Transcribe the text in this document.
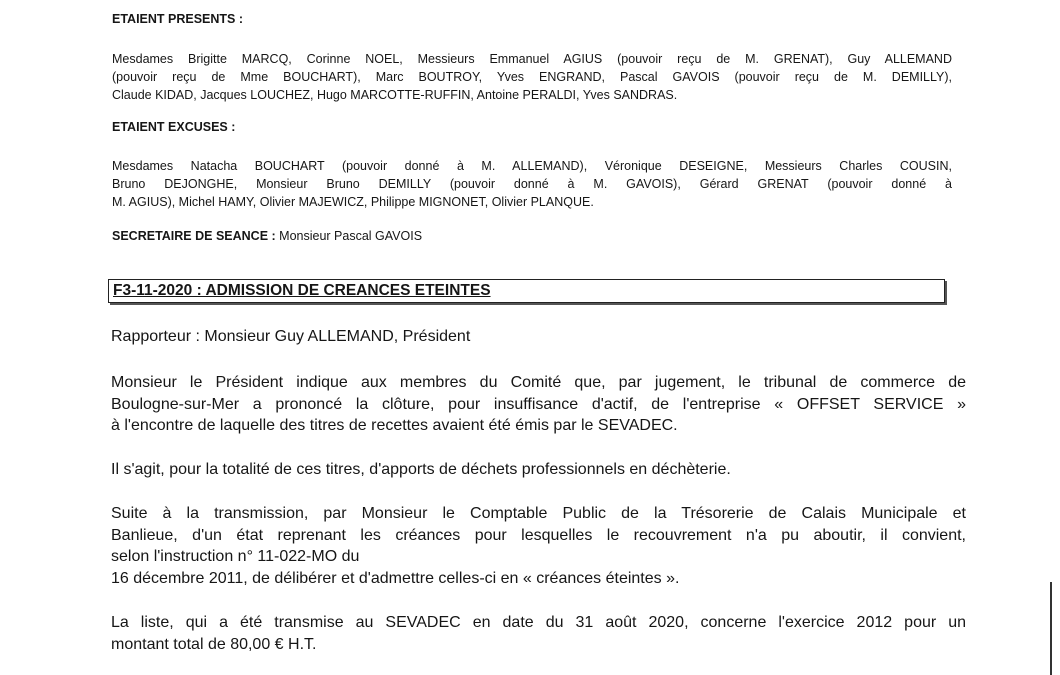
ETAIENT PRESENTS :
Mesdames Brigitte MARCQ, Corinne NOEL, Messieurs Emmanuel AGIUS (pouvoir reçu de M. GRENAT), Guy ALLEMAND
(pouvoir reçu de Mme BOUCHART), Marc BOUTROY, Yves ENGRAND, Pascal GAVOIS (pouvoir reçu de M. DEMILLY),
Claude KIDAD, Jacques LOUCHEZ, Hugo MARCOTTE-RUFFIN, Antoine PERALDI, Yves SANDRAS.
ETAIENT EXCUSES :
Mesdames Natacha BOUCHART (pouvoir donné à M. ALLEMAND), Véronique DESEIGNE, Messieurs Charles COUSIN,
Bruno DEJONGHE, Monsieur Bruno DEMILLY (pouvoir donné à M. GAVOIS), Gérard GRENAT (pouvoir donné à
M. AGIUS), Michel HAMY, Olivier MAJEWICZ, Philippe MIGNONET, Olivier PLANQUE.
SECRETAIRE DE SEANCE : Monsieur Pascal GAVOIS
F3-11-2020 : ADMISSION DE CREANCES ETEINTES
Rapporteur : Monsieur Guy ALLEMAND, Président
Monsieur le Président indique aux membres du Comité que, par jugement, le tribunal de commerce de
Boulogne-sur-Mer a prononcé la clôture, pour insuffisance d'actif, de l'entreprise « OFFSET SERVICE »
à l'encontre de laquelle des titres de recettes avaient été émis par le SEVADEC.
Il s'agit, pour la totalité de ces titres, d'apports de déchets professionnels en déchèterie.
Suite à la transmission, par Monsieur le Comptable Public de la Trésorerie de Calais Municipale et
Banlieue, d'un état reprenant les créances pour lesquelles le recouvrement n'a pu aboutir, il convient,
selon l'instruction n° 11-022-MO du
16 décembre 2011, de délibérer et d'admettre celles-ci en « créances éteintes ».
La liste, qui a été transmise au SEVADEC en date du 31 août 2020, concerne l'exercice 2012 pour un
montant total de 80,00 € H.T.
